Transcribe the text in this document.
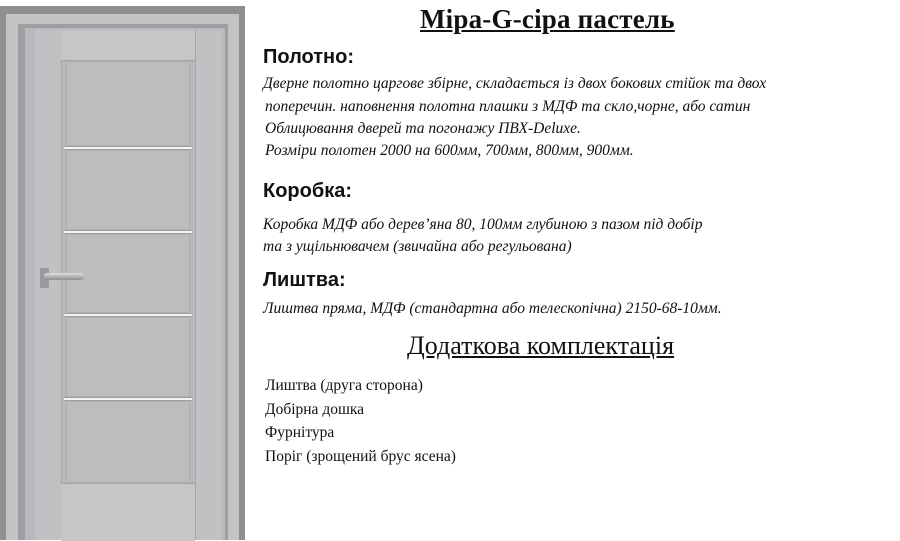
Міра-G-сіра пастель
Полотно:

Дверне полотно царгове збірне, складається із двох бокових стійок та двох

поперечин. наповнення полотна плашки з МДФ та скло,чорне, або сатин

Облицювання дверей та погонажу ПВХ-Deluxe.

Розміри полотен 2000 на 600мм, 700мм, 800мм, 900мм.

Коробка:

Коробка МДФ або дерев’яна 80, 100мм глубиною з пазом під добір

та з ущільнювачем (звичайна або регульована)

Лиштва:

Лиштва пряма, МДФ (стандартна або телескопічна) 2150-68-10мм.

Додаткова комплектація
Лиштва (друга сторона)
Добірна дошка
Фурнітура
Поріг (зрощений брус ясена)
